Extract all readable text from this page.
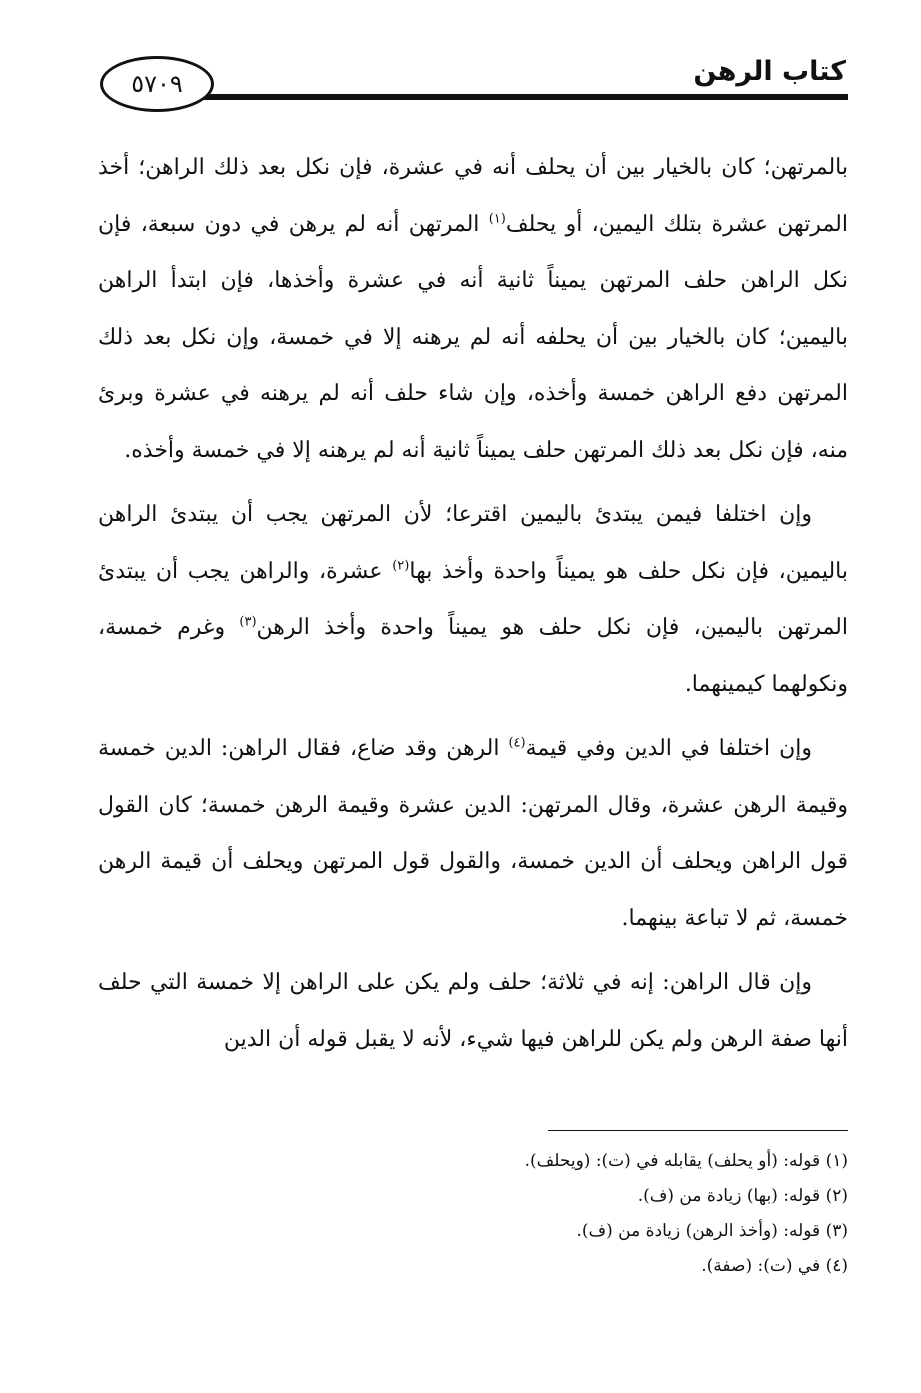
٥٧٠٩	كتاب الرهن

بالمرتهن؛ كان بالخيار بين أن يحلف أنه في عشرة، فإن نكل بعد ذلك الراهن؛ أخذ المرتهن عشرة بتلك اليمين، أو يحلف$^{(١)}$ المرتهن أنه لم يرهن في دون سبعة، فإن نكل الراهن حلف المرتهن يميناً ثانية أنه في عشرة وأخذها، فإن ابتدأ الراهن باليمين؛ كان بالخيار بين أن يحلفه أنه لم يرهنه إلا في خمسة، وإن نكل بعد ذلك المرتهن دفع الراهن خمسة وأخذه، وإن شاء حلف أنه لم يرهنه في عشرة وبرئ منه، فإن نكل بعد ذلك المرتهن حلف يميناً ثانية أنه لم يرهنه إلا في خمسة وأخذه.

وإن اختلفا فيمن يبتدئ باليمين اقترعا؛ لأن المرتهن يجب أن يبتدئ الراهن باليمين، فإن نكل حلف هو يميناً واحدة وأخذ بها$^{(٢)}$ عشرة، والراهن يجب أن يبتدئ المرتهن باليمين، فإن نكل حلف هو يميناً واحدة وأخذ الرهن$^{(٣)}$ وغرم خمسة، ونكولهما كيمينهما.

وإن اختلفا في الدين وفي قيمة$^{(٤)}$ الرهن وقد ضاع، فقال الراهن: الدين خمسة وقيمة الرهن عشرة، وقال المرتهن: الدين عشرة وقيمة الرهن خمسة؛ كان القول قول الراهن ويحلف أن الدين خمسة، والقول قول المرتهن ويحلف أن قيمة الرهن خمسة، ثم لا تباعة بينهما.

وإن قال الراهن: إنه في ثلاثة؛ حلف ولم يكن على الراهن إلا خمسة التي حلف أنها صفة الرهن ولم يكن للراهن فيها شيء، لأنه لا يقبل قوله أن الدين

(١) قوله: (أو يحلف) يقابله في (ت): (ويحلف).
(٢) قوله: (بها) زيادة من (ف).
(٣) قوله: (وأخذ الرهن) زيادة من (ف).
(٤) في (ت): (صفة).
